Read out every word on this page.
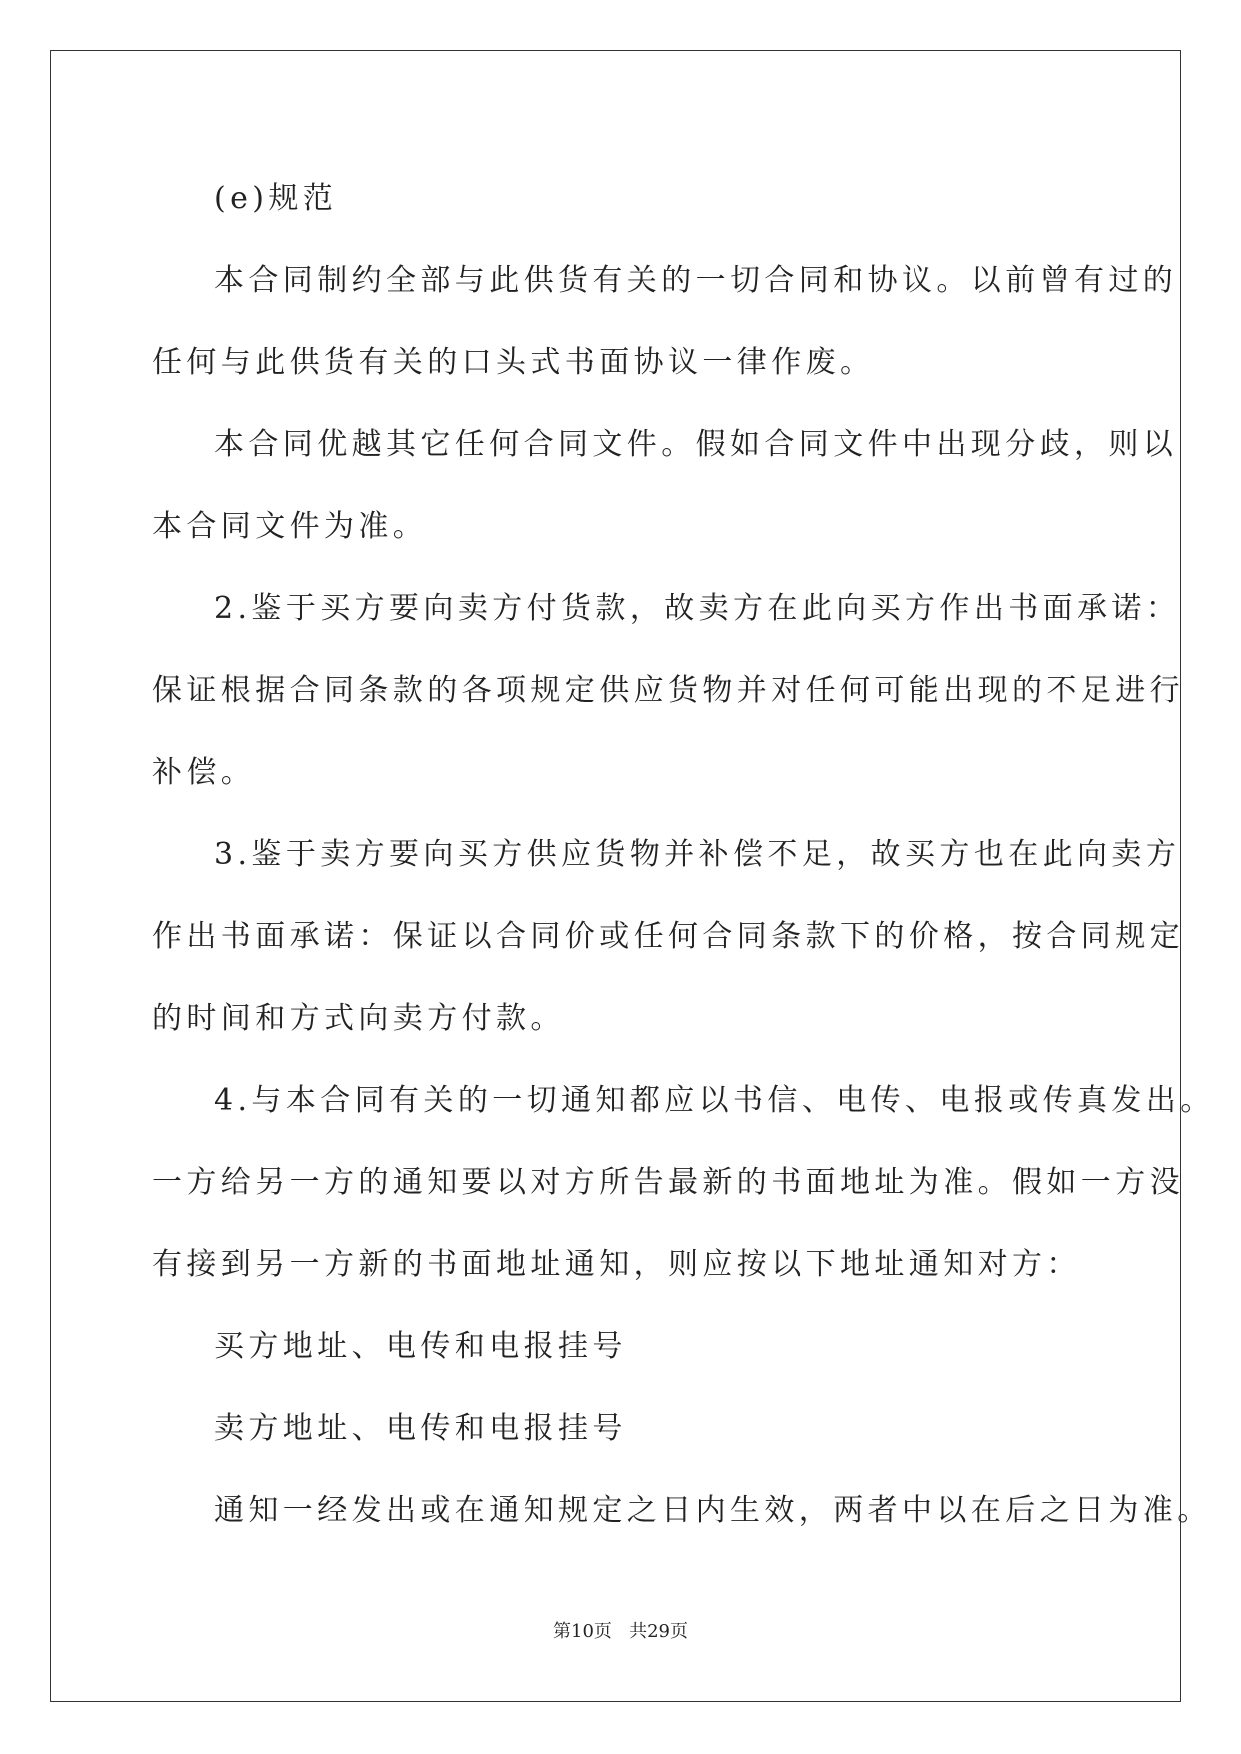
(e)规范

本合同制约全部与此供货有关的一切合同和协议。以前曾有过的

任何与此供货有关的口头式书面协议一律作废。

本合同优越其它任何合同文件。假如合同文件中出现分歧，则以

本合同文件为准。

2.鉴于买方要向卖方付货款，故卖方在此向买方作出书面承诺：

保证根据合同条款的各项规定供应货物并对任何可能出现的不足进行

补偿。

3.鉴于卖方要向买方供应货物并补偿不足，故买方也在此向卖方

作出书面承诺：保证以合同价或任何合同条款下的价格，按合同规定

的时间和方式向卖方付款。

4.与本合同有关的一切通知都应以书信、电传、电报或传真发出。

一方给另一方的通知要以对方所告最新的书面地址为准。假如一方没

有接到另一方新的书面地址通知，则应按以下地址通知对方：

买方地址、电传和电报挂号

卖方地址、电传和电报挂号

通知一经发出或在通知规定之日内生效，两者中以在后之日为准。

第10页 共29页
